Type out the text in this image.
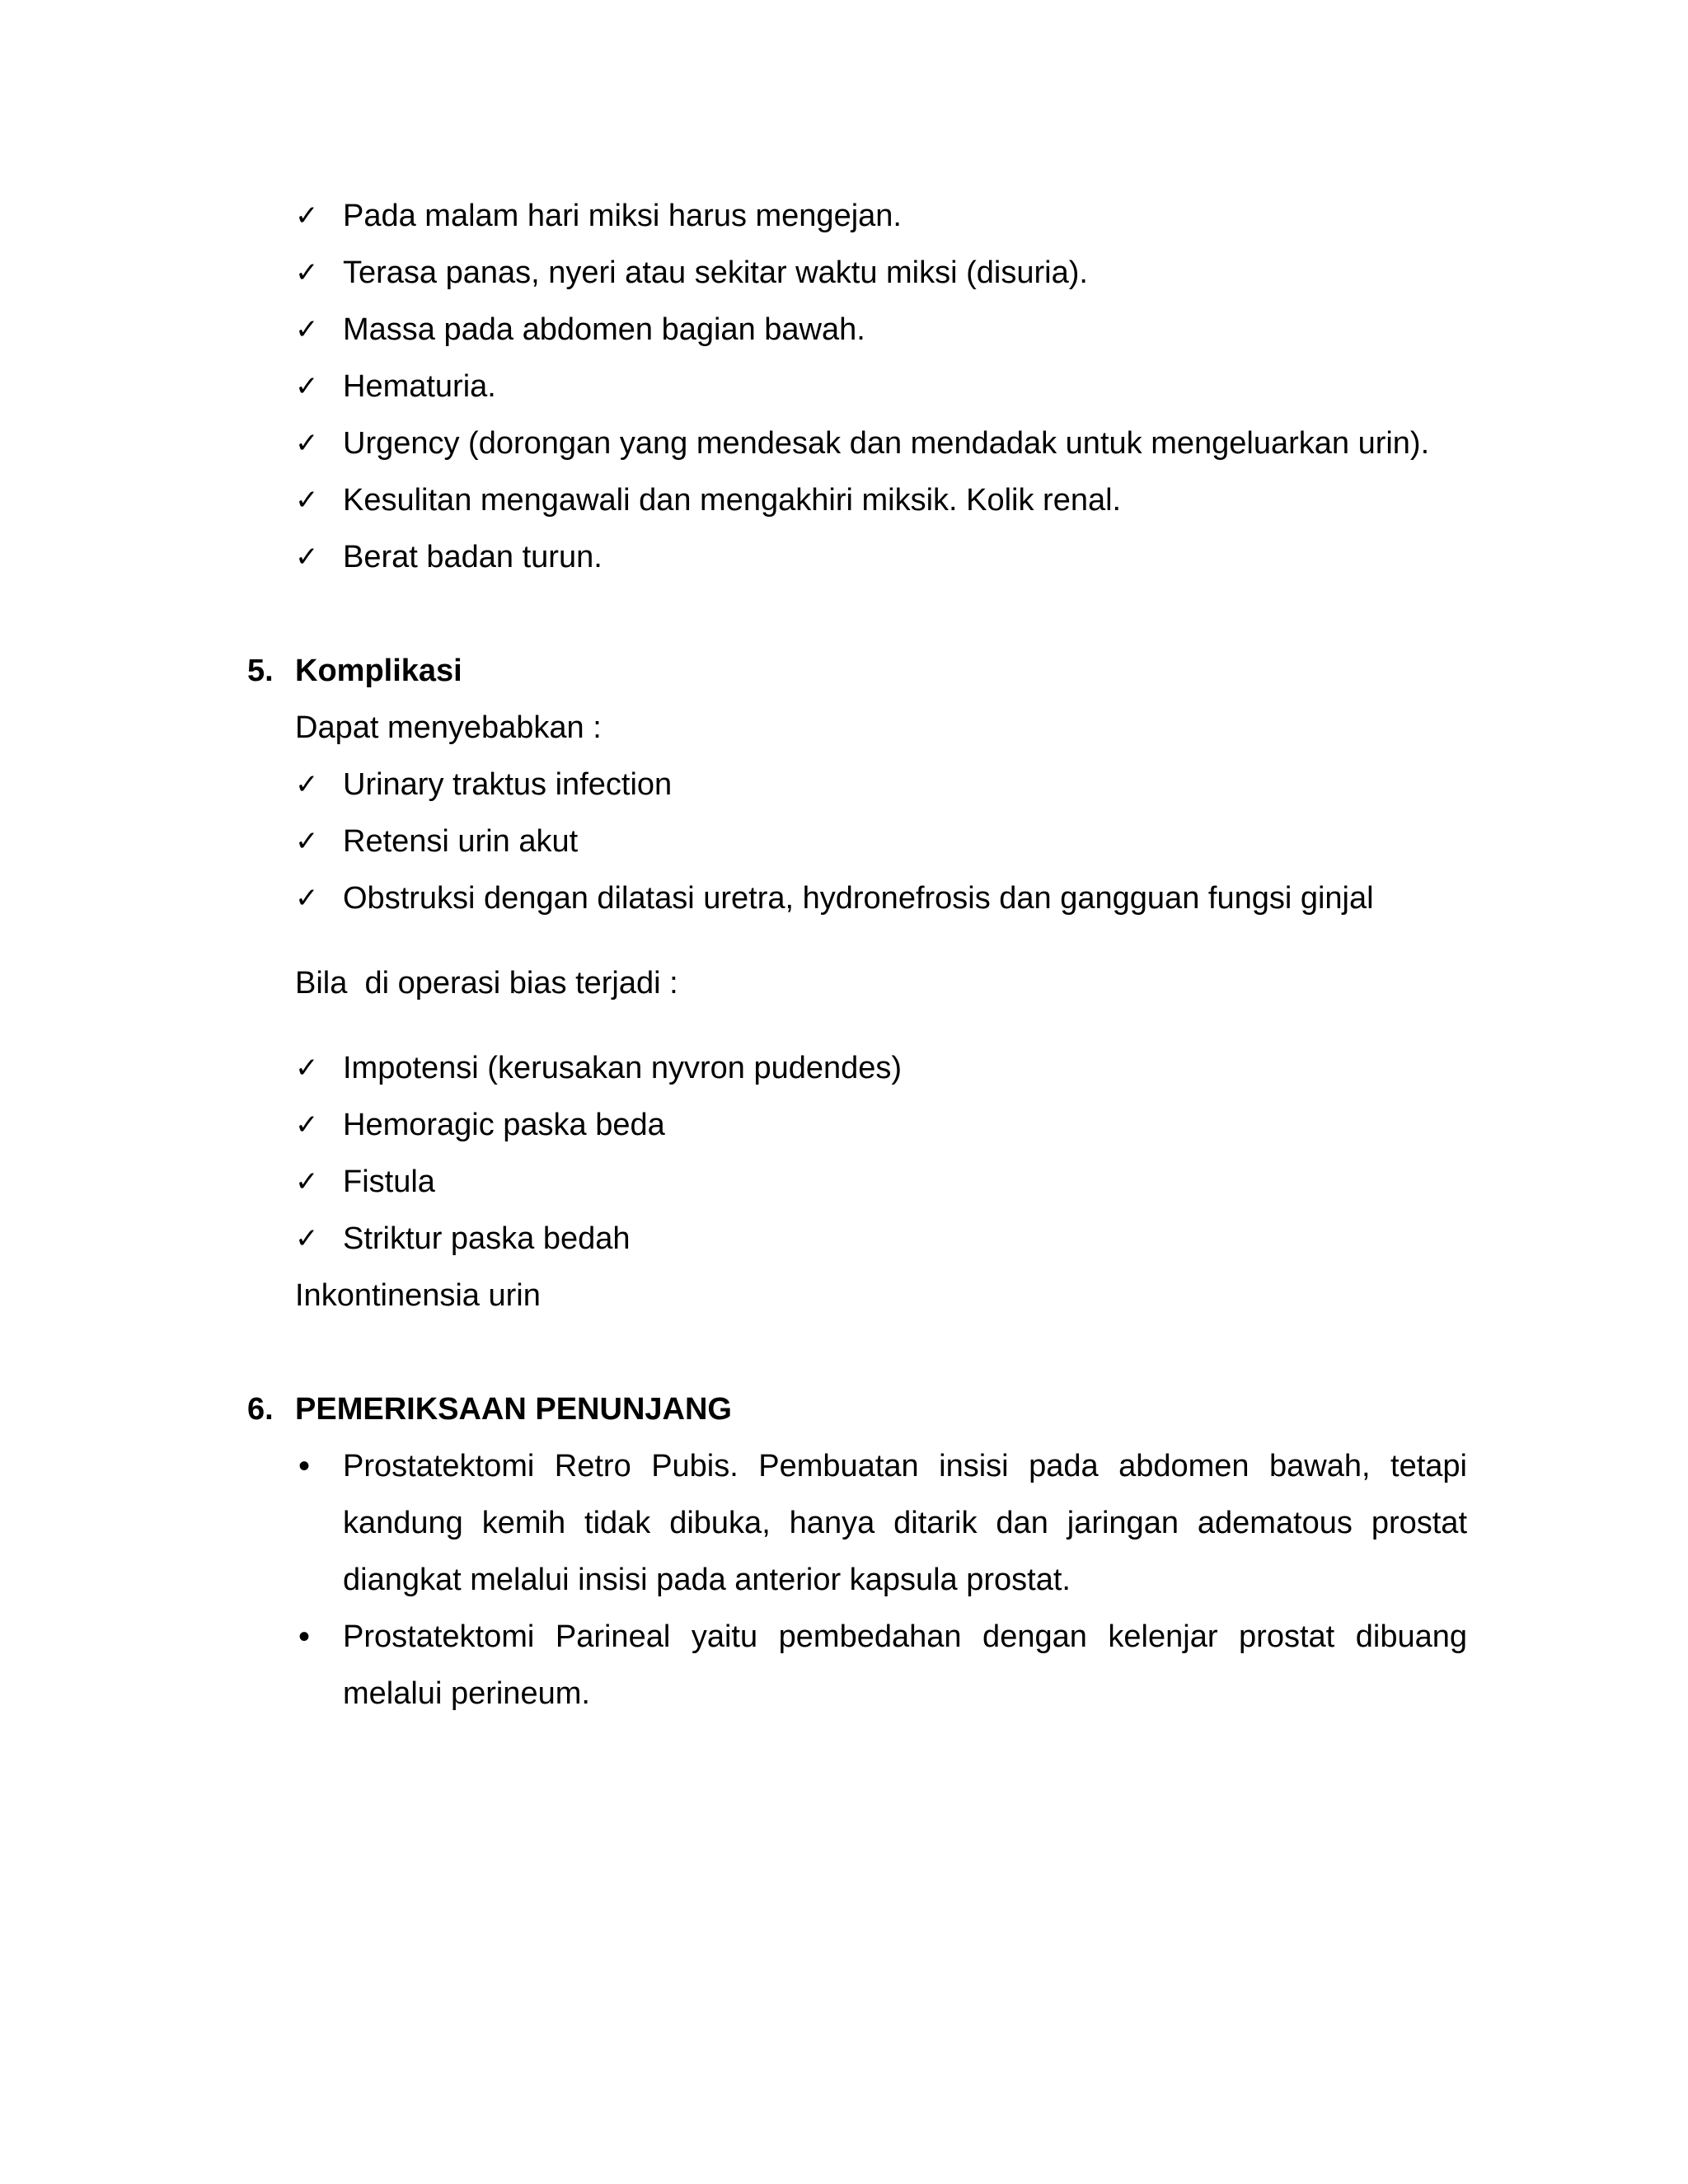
✓ Pada malam hari miksi harus mengejan.
✓ Terasa panas, nyeri atau sekitar waktu miksi (disuria).
✓ Massa pada abdomen bagian bawah.
✓ Hematuria.
✓ Urgency (dorongan yang mendesak dan mendadak untuk mengeluarkan urin).
✓ Kesulitan mengawali dan mengakhiri miksik. Kolik renal.
✓ Berat badan turun.
5. Komplikasi
Dapat menyebabkan :
✓ Urinary traktus infection
✓ Retensi urin akut
✓ Obstruksi dengan dilatasi uretra, hydronefrosis dan gangguan fungsi ginjal
Bila  di operasi bias terjadi :
✓ Impotensi (kerusakan nyvron pudendes)
✓ Hemoragic paska beda
✓ Fistula
✓ Striktur paska bedah
Inkontinensia urin
6. PEMERIKSAAN PENUNJANG
•	Prostatektomi Retro Pubis. Pembuatan insisi pada abdomen bawah, tetapi kandung kemih tidak dibuka, hanya ditarik dan jaringan adematous prostat diangkat melalui insisi pada anterior kapsula prostat.
•	Prostatektomi Parineal yaitu pembedahan dengan kelenjar prostat dibuang melalui perineum.
